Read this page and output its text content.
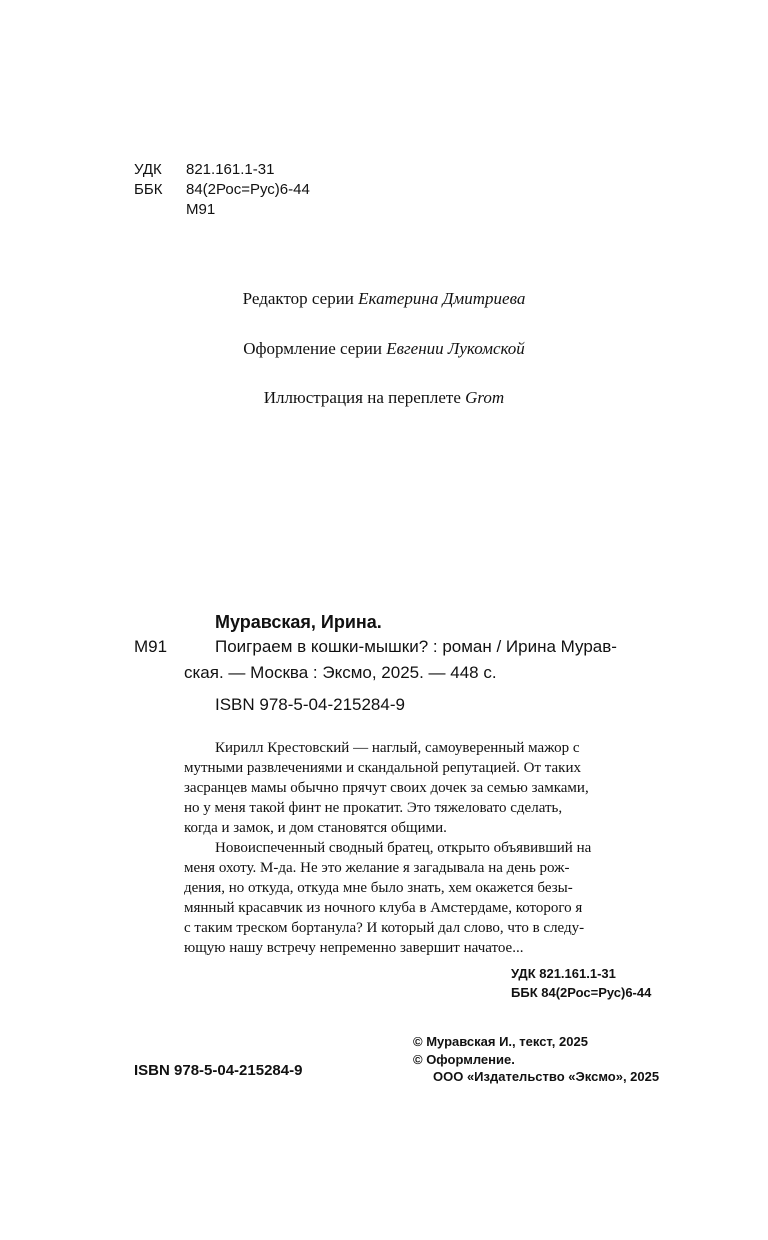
УДК 821.161.1-31
ББК 84(2Рос=Рус)6-44
М91
Редактор серии Екатерина Дмитриева
Оформление серии Евгении Лукомской
Иллюстрация на переплете Grom
Муравская, Ирина.
М91	Поиграем в кошки-мышки? : роман / Ирина Мурав-
ская. — Москва : Эксмо, 2025. — 448 с.
ISBN 978-5-04-215284-9
Кирилл Крестовский — наглый, самоуверенный мажор с
мутными развлечениями и скандальной репутацией. От таких
засранцев мамы обычно прячут своих дочек за семью замками,
но у меня такой финт не прокатит. Это тяжеловато сделать,
когда и замок, и дом становятся общими.
Новоиспеченный сводный братец, открыто объявивший на
меня охоту. М-да. Не это желание я загадывала на день рож-
дения, но откуда, откуда мне было знать, хем окажется безы-
мянный красавчик из ночного клуба в Амстердаме, которого я
с таким треском бортанула? И который дал слово, что в следу-
ющую нашу встречу непременно завершит начатое...
УДК 821.161.1-31
ББК 84(2Рос=Рус)6-44
© Муравская И., текст, 2025
© Оформление.
ООО «Издательство «Эксмо», 2025
ISBN 978-5-04-215284-9
